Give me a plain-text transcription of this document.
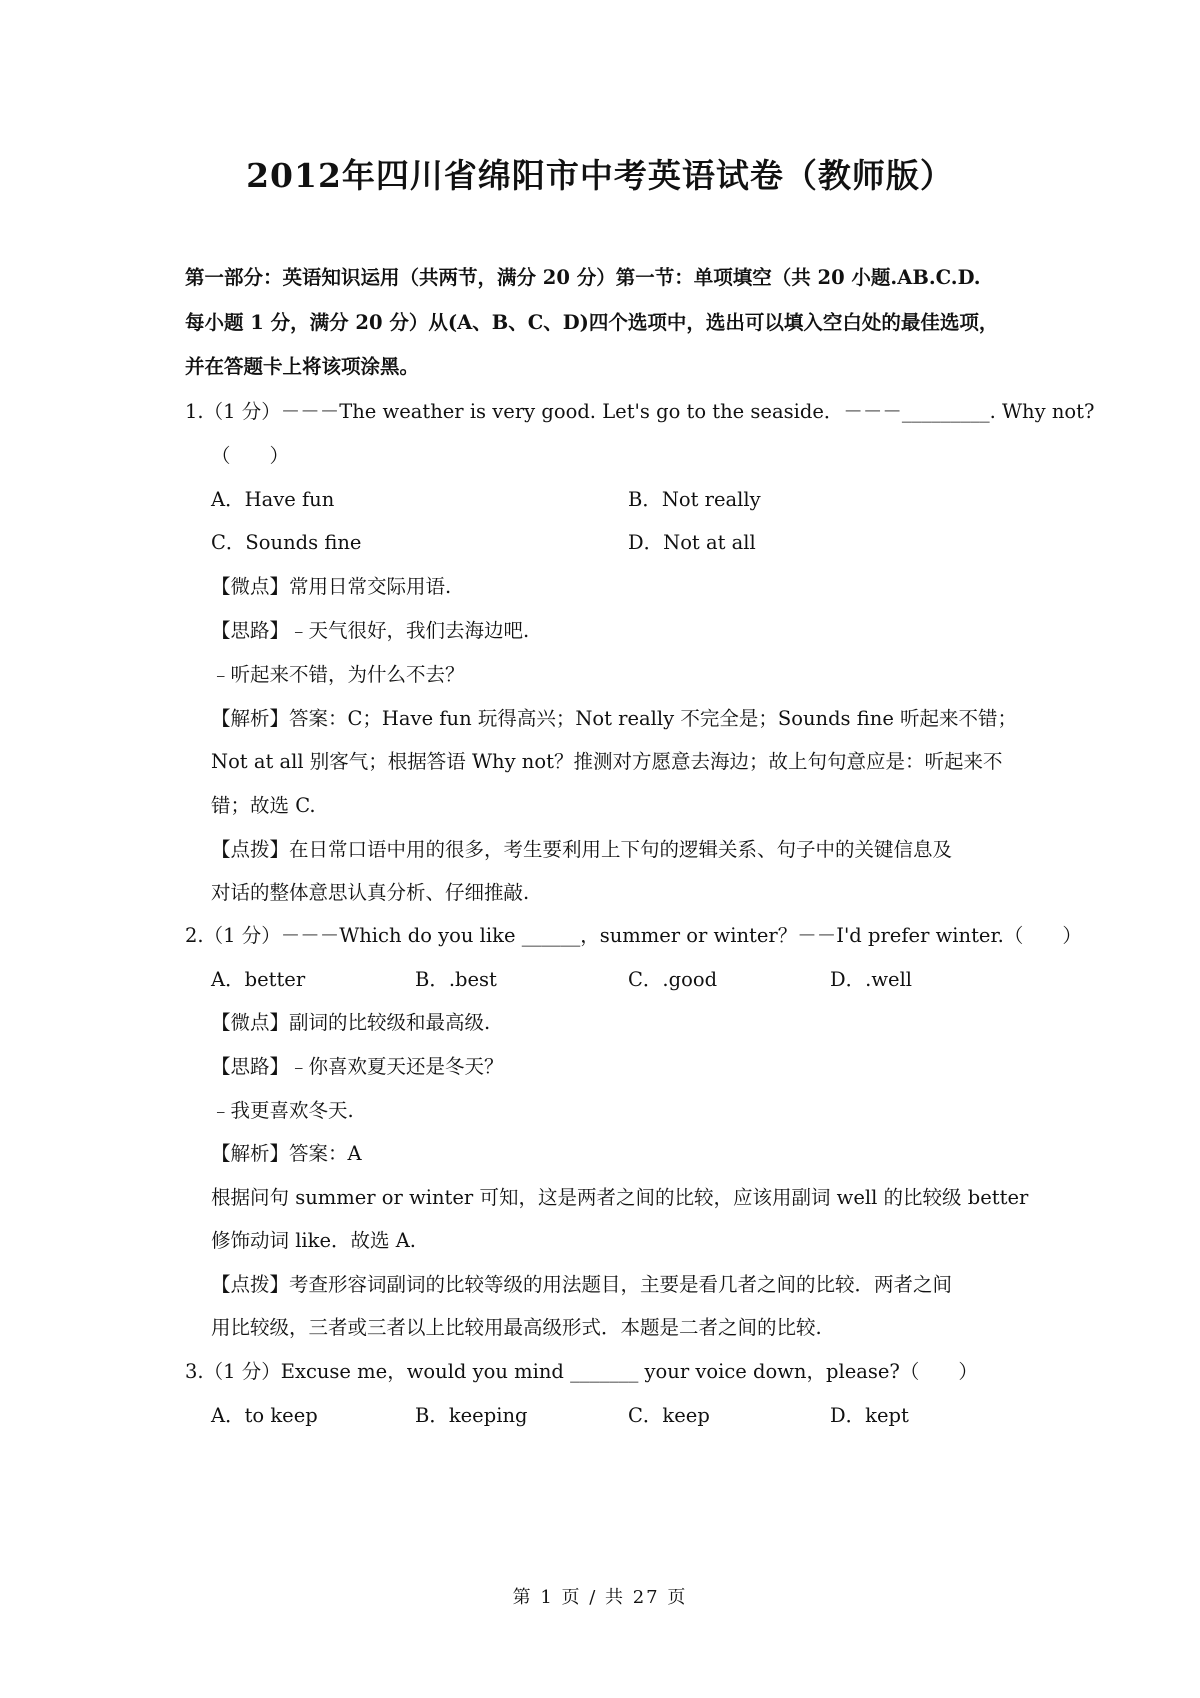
2012年四川省绵阳市中考英语试卷（教师版）
第一部分：英语知识运用（共两节，满分 20 分）第一节：单项填空（共 20 小题.AB.C.D.
每小题 1 分，满分 20 分）从(A、B、C、D)四个选项中，选出可以填入空白处的最佳选项，
并在答题卡上将该项涂黑。
1.（1 分）－－－The weather is very good. Let's go to the seaside．－－－_________. Why not?
（　　）
A．Have fun	B．Not really
C．Sounds fine	D．Not at all
【微点】常用日常交际用语.
【思路】﹣天气很好，我们去海边吧.
﹣听起来不错，为什么不去？
【解析】答案：C；Have fun 玩得高兴；Not really 不完全是；Sounds fine 听起来不错；
Not at all 别客气；根据答语 Why not？推测对方愿意去海边；故上句句意应是：听起来不
错；故选 C.
【点拨】在日常口语中用的很多，考生要利用上下句的逻辑关系、句子中的关键信息及
对话的整体意思认真分析、仔细推敲.
2.（1 分）－－－Which do you like ______，summer or winter？－－I'd prefer winter.（　　）
A．better	B．.best	C．.good	D．.well
【微点】副词的比较级和最高级.
【思路】﹣你喜欢夏天还是冬天？
﹣我更喜欢冬天.
【解析】答案：A
根据问句 summer or winter 可知，这是两者之间的比较，应该用副词 well 的比较级 better
修饰动词 like．故选 A.
【点拨】考查形容词副词的比较等级的用法题目，主要是看几者之间的比较．两者之间
用比较级，三者或三者以上比较用最高级形式．本题是二者之间的比较.
3.（1 分）Excuse me，would you mind _______ your voice down，please?（　　）
A．to keep	B．keeping	C．keep	D．kept
第 1 页 / 共 27 页
